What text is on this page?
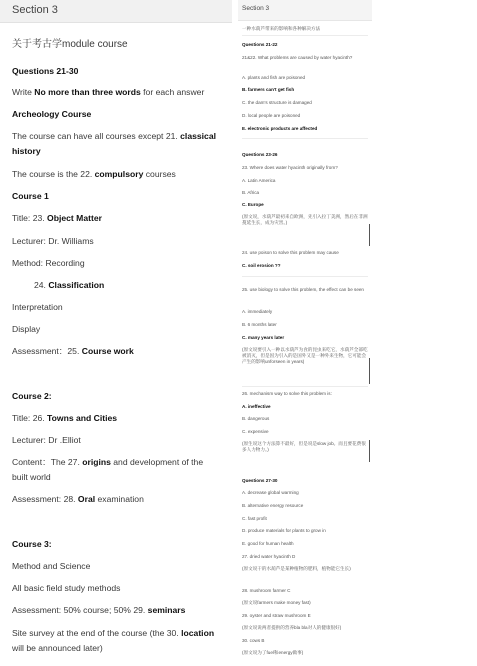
Section 3
关于考古学module course
Questions 21-30
Write No more than three words for each answer
Archeology Course
The course can have all courses except 21. classical
history
The course is the 22. compulsory courses
Course 1
Title: 23. Object Matter
Lecturer: Dr. Williams
Method: Recording
24. Classification
Interpretation
Display
Assessment：25. Course work
Course 2:
Title: 26. Towns and Cities
Lecturer: Dr .Elliot
Content：The 27. origins and development of the
built world
Assessment: 28. Oral examination
Course 3:
Method and Science
All basic field study methods
Assessment: 50% course; 50% 29. seminars
Site survey at the end of the course (the 30. location
will be announced later)
Section 3
一种水葫芦带来的影响和各种解决方法
Questions 21-22
21&22. What problems are caused by water hyacinth?
A. plants and fish are poisoned
B. farmers can't get fish
C. the dam's structure is damaged
D. local people are poisoned
E. electronic products are affected
Questions 23-26
23. Where does water hyacinth originally from?
A. Latin America
B. Africa
C. Europe
(原文说，水葫芦最初来自欧洲，先引入拉丁美洲，然后在非洲蔓延生长，成为灾害。)
24. use poison to solve this problem may cause
C. soil erosion ??
25. use biology to solve this problem, the effect can be seen
A. immediately
B. 6 months later
C. many years later
(原文说要引入一种以水葫芦为食的昆虫来吃它，水葫芦全部吃被消灭，但是因为引入的是国外又是一种外来生物，它可能会产生的影响unforseen in years)
26. mechanism way to solve this problem is:
A. ineffective
B. dangerous
C. expensive
(原生说这个方法算不最好，但是说是slow job。而且要花费很多人力物力。)
Questions 27-30
A. decrease global warming
B. alternative energy resource
C. fast profit
D. produce materials for plants to grow in
E. good for human health
27. dried water hyacinth D
(原文说干的水葫芦是某种植物的肥料，植物能它生长)
28. mushroom farmer C
(原文说farmers make money fast)
29. oyster and straw mushroom E
(原文说说两者提供的营养bla bla对人的健康很好)
30. cows B
(原文说为了fuel和energy做事)
